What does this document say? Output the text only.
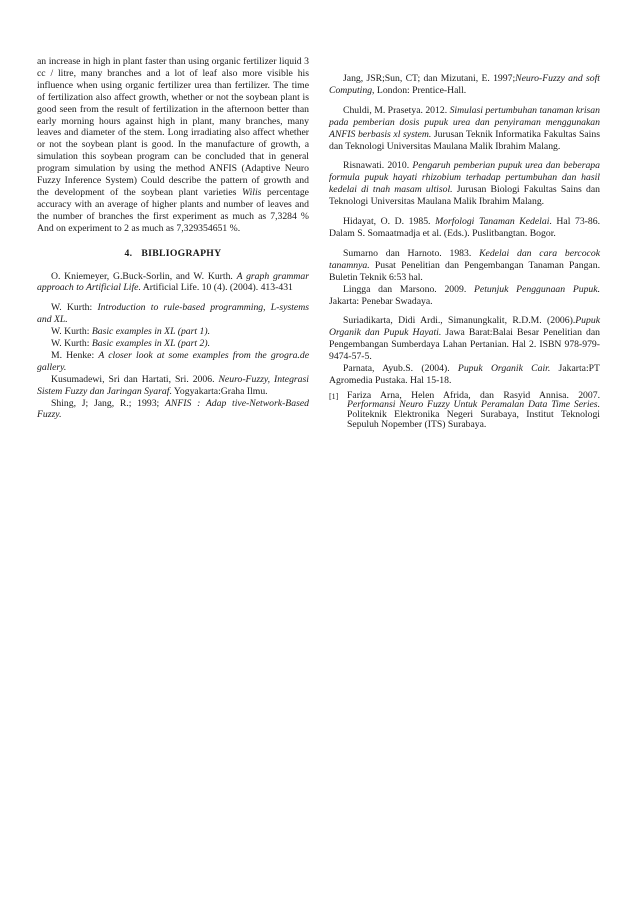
an increase in high in plant faster than using organic fertilizer liquid 3 cc / litre, many branches and a lot of leaf also more visible his influence when using organic fertilizer urea than fertilizer. The time of fertilization also affect growth, whether or not the soybean plant is good seen from the result of fertilization in the afternoon better than early morning hours against high in plant, many branches, many leaves and diameter of the stem. Long irradiating also affect whether or not the soybean plant is good. In the manufacture of growth, a simulation this soybean program can be concluded that in general program simulation by using the method ANFIS (Adaptive Neuro Fuzzy Inference System) Could describe the pattern of growth and the development of the soybean plant varieties Wilis percentage accuracy with an average of higher plants and number of leaves and the number of branches the first experiment as much as 7,3284 % And on experiment to 2 as much as 7,329354651 %.

4. BIBLIOGRAPHY

O. Kniemeyer, G.Buck-Sorlin, and W. Kurth. A graph grammar approach to Artificial Life. Artificial Life. 10 (4). (2004). 413-431

W. Kurth: Introduction to rule-based programming, L-systems and XL.

W. Kurth: Basic examples in XL (part 1).

W. Kurth: Basic examples in XL (part 2).

M. Henke: A closer look at some examples from the grogra.de gallery.

Kusumadewi, Sri dan Hartati, Sri. 2006. Neuro-Fuzzy, Integrasi Sistem Fuzzy dan Jaringan Syaraf. Yogyakarta:Graha Ilmu.

Shing, J; Jang, R.; 1993; ANFIS : Adap tive-Network-Based Fuzzy.

Jang, JSR;Sun, CT; dan Mizutani, E. 1997;Neuro-Fuzzy and soft Computing, London: Prentice-Hall.

Chuldi, M. Prasetya. 2012. Simulasi pertumbuhan tanaman krisan pada pemberian dosis pupuk urea dan penyiraman menggunakan ANFIS berbasis xl system. Jurusan Teknik Informatika Fakultas Sains dan Teknologi Universitas Maulana Malik Ibrahim Malang.

Risnawati. 2010. Pengaruh pemberian pupuk urea dan beberapa formula pupuk hayati rhizobium terhadap pertumbuhan dan hasil kedelai di tnah masam ultisol. Jurusan Biologi Fakultas Sains dan Teknologi Universitas Maulana Malik Ibrahim Malang.

Hidayat, O. D. 1985. Morfologi Tanaman Kedelai. Hal 73-86. Dalam S. Somaatmadja et al. (Eds.). Puslitbangtan. Bogor.

Sumarno dan Harnoto. 1983. Kedelai dan cara bercocok tanamnya. Pusat Penelitian dan Pengembangan Tanaman Pangan. Buletin Teknik 6:53 hal.

Lingga dan Marsono. 2009. Petunjuk Penggunaan Pupuk. Jakarta: Penebar Swadaya.

Suriadikarta, Didi Ardi., Simanungkalit, R.D.M. (2006).Pupuk Organik dan Pupuk Hayati. Jawa Barat:Balai Besar Penelitian dan Pengembangan Sumberdaya Lahan Pertanian. Hal 2. ISBN 978-979-9474-57-5.

Parnata, Ayub.S. (2004). Pupuk Organik Cair. Jakarta:PT Agromedia Pustaka. Hal 15-18.

[1] Fariza Arna, Helen Afrida, dan Rasyid Annisa. 2007. Performansi Neuro Fuzzy Untuk Peramalan Data Time Series. Politeknik Elektronika Negeri Surabaya, Institut Teknologi Sepuluh Nopember (ITS) Surabaya.
